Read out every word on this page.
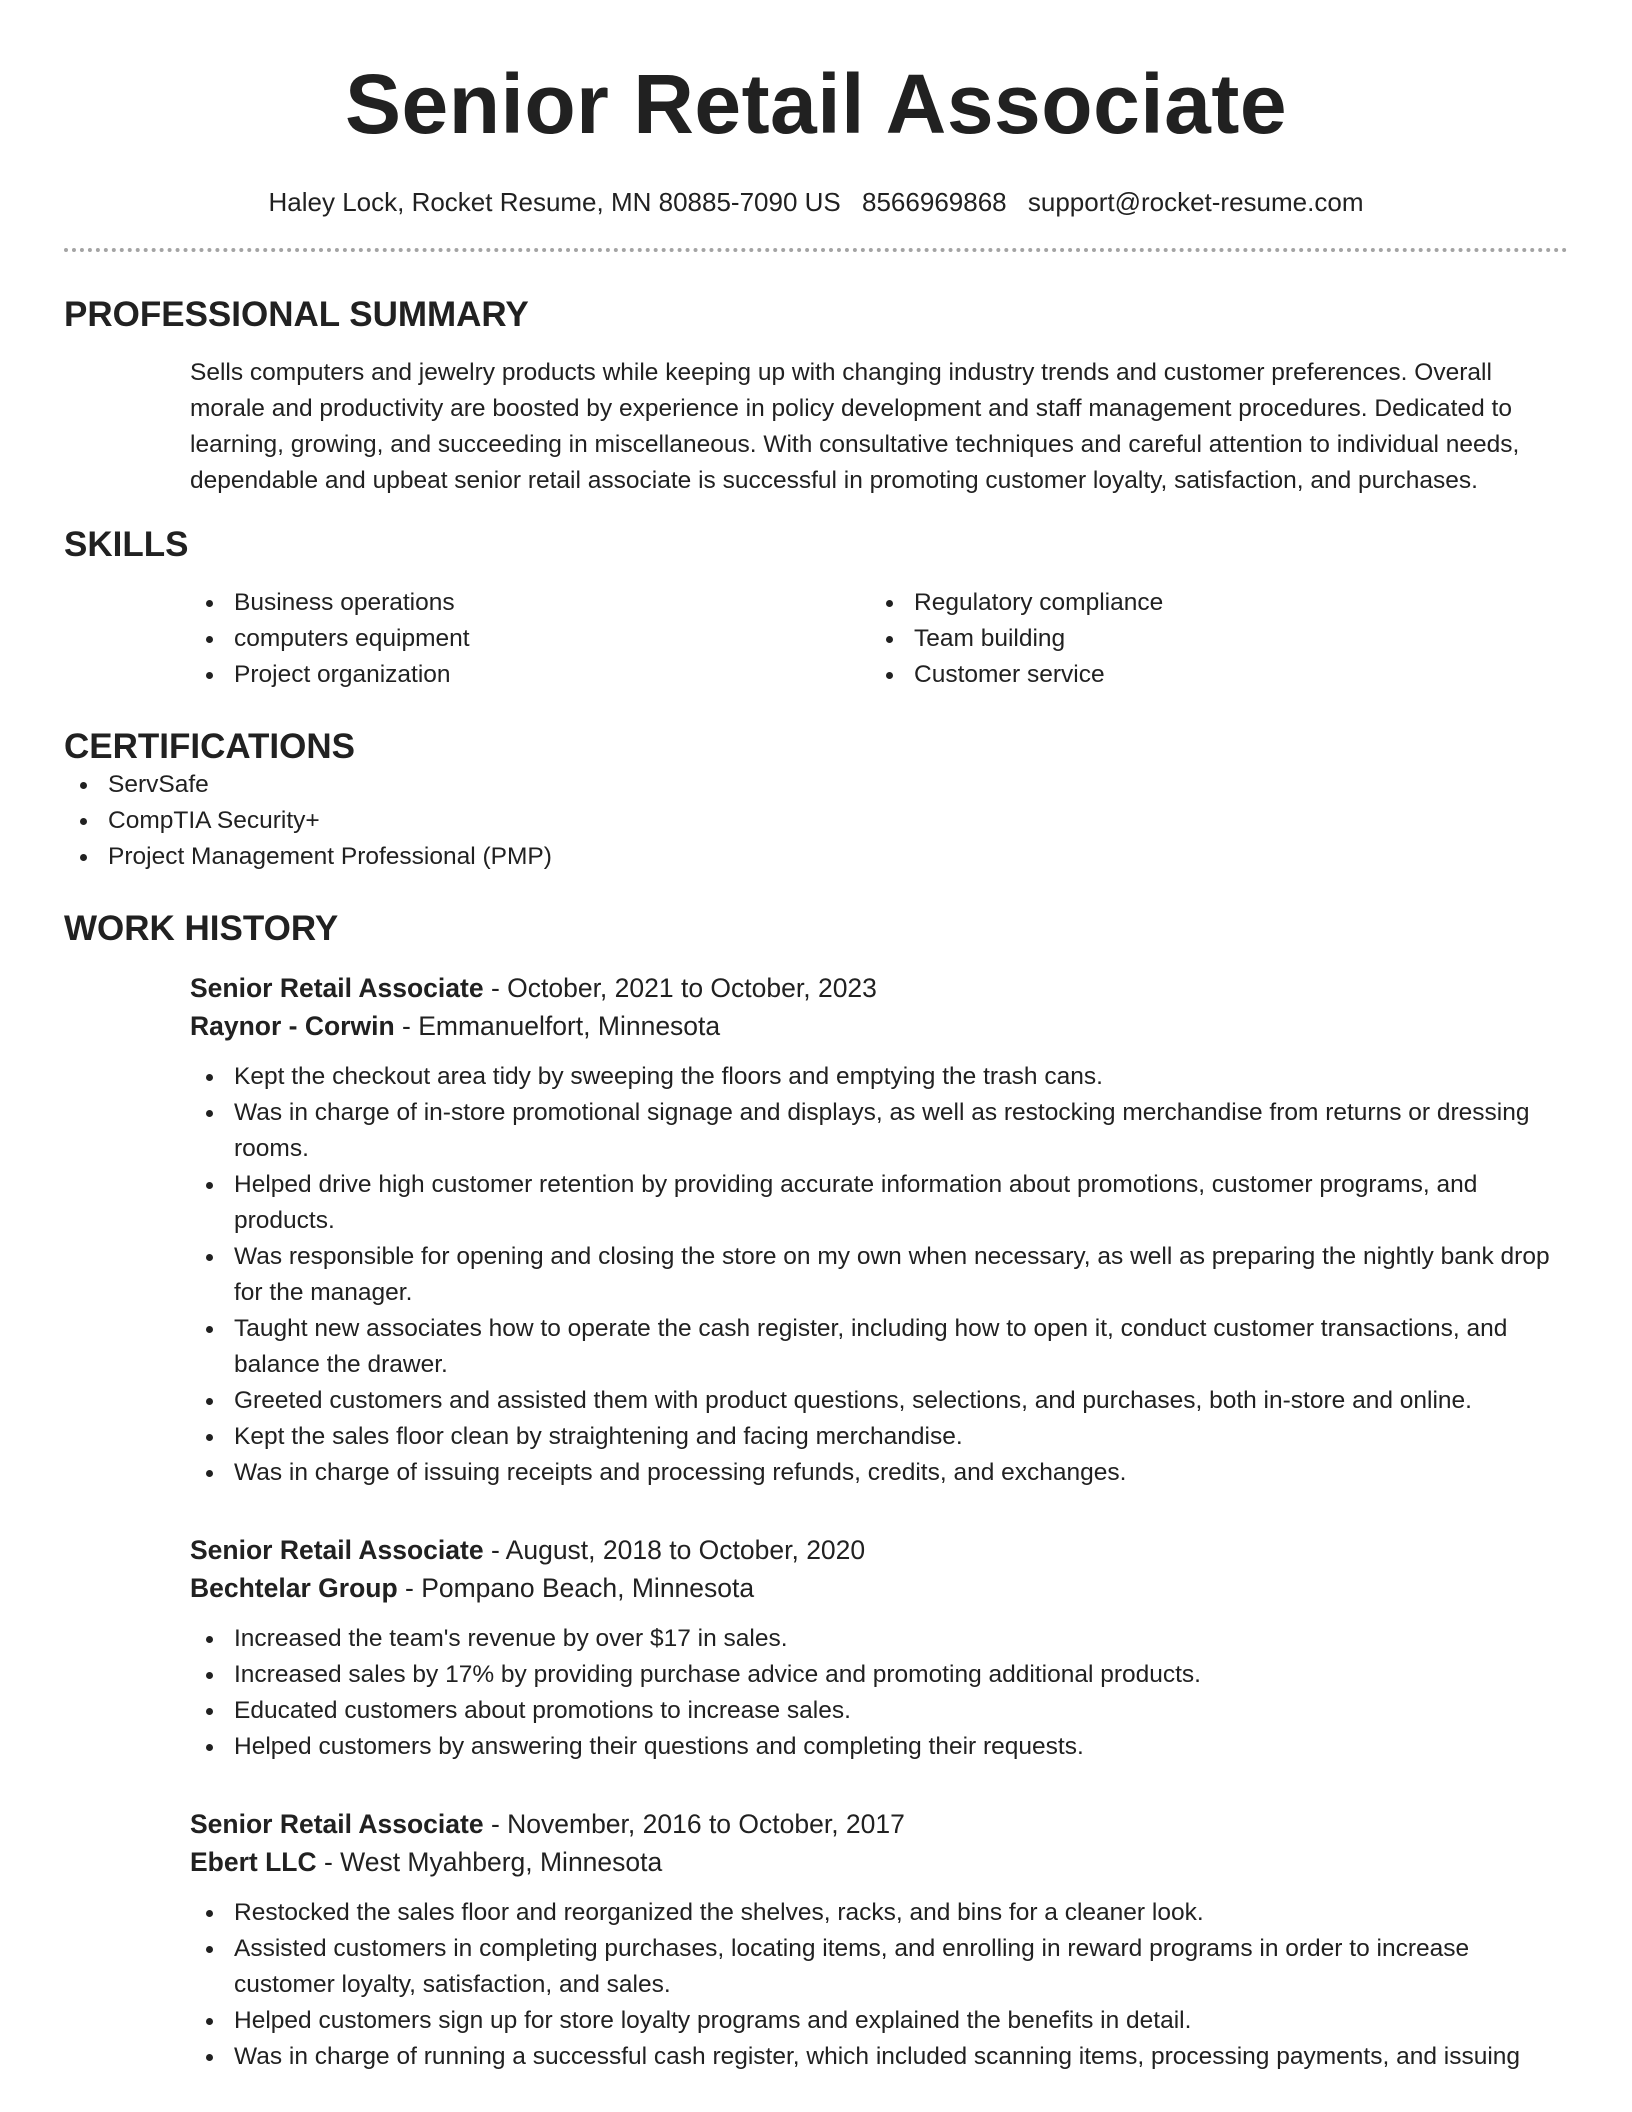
Senior Retail Associate
Haley Lock, Rocket Resume, MN 80885-7090 US 8566969868 support@rocket-resume.com
PROFESSIONAL SUMMARY
Sells computers and jewelry products while keeping up with changing industry trends and customer preferences. Overall morale and productivity are boosted by experience in policy development and staff management procedures. Dedicated to learning, growing, and succeeding in miscellaneous. With consultative techniques and careful attention to individual needs, dependable and upbeat senior retail associate is successful in promoting customer loyalty, satisfaction, and purchases.
SKILLS
Business operations
computers equipment
Project organization
Regulatory compliance
Team building
Customer service
CERTIFICATIONS
ServSafe
CompTIA Security+
Project Management Professional (PMP)
WORK HISTORY
Senior Retail Associate - October, 2021 to October, 2023
Raynor - Corwin - Emmanuelfort, Minnesota
Kept the checkout area tidy by sweeping the floors and emptying the trash cans.
Was in charge of in-store promotional signage and displays, as well as restocking merchandise from returns or dressing rooms.
Helped drive high customer retention by providing accurate information about promotions, customer programs, and products.
Was responsible for opening and closing the store on my own when necessary, as well as preparing the nightly bank drop for the manager.
Taught new associates how to operate the cash register, including how to open it, conduct customer transactions, and balance the drawer.
Greeted customers and assisted them with product questions, selections, and purchases, both in-store and online.
Kept the sales floor clean by straightening and facing merchandise.
Was in charge of issuing receipts and processing refunds, credits, and exchanges.
Senior Retail Associate - August, 2018 to October, 2020
Bechtelar Group - Pompano Beach, Minnesota
Increased the team's revenue by over $17 in sales.
Increased sales by 17% by providing purchase advice and promoting additional products.
Educated customers about promotions to increase sales.
Helped customers by answering their questions and completing their requests.
Senior Retail Associate - November, 2016 to October, 2017
Ebert LLC - West Myahberg, Minnesota
Restocked the sales floor and reorganized the shelves, racks, and bins for a cleaner look.
Assisted customers in completing purchases, locating items, and enrolling in reward programs in order to increase customer loyalty, satisfaction, and sales.
Helped customers sign up for store loyalty programs and explained the benefits in detail.
Was in charge of running a successful cash register, which included scanning items, processing payments, and issuing
